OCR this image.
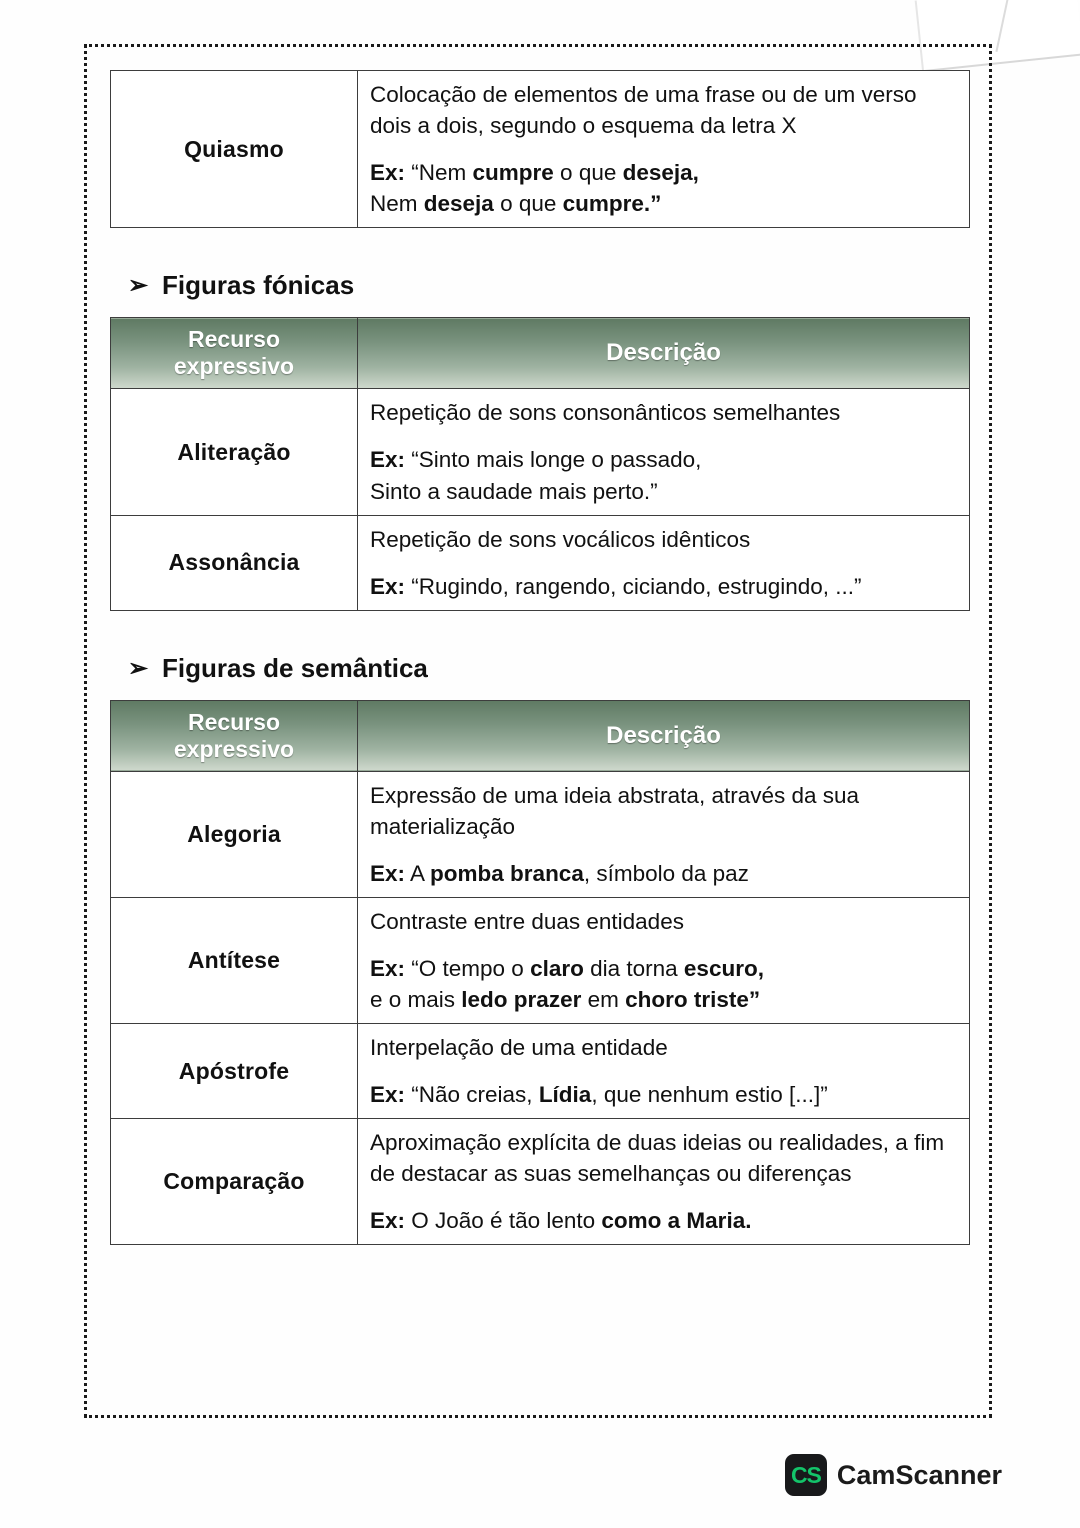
Quiasmo	Colocação de elementos de uma frase ou de um verso
dois a dois, segundo o esquema da letra X
Ex: “Nem cumpre o que deseja,
Nem deseja o que cumpre.”
➢ Figuras fónicas
Recurso
expressivo	Descrição
Aliteração	Repetição de sons consonânticos semelhantes
Ex: “Sinto mais longe o passado,
Sinto a saudade mais perto.”

Assonância	Repetição de sons vocálicos idênticos
Ex: “Rugindo, rangendo, ciciando, estrugindo, ...”
➢ Figuras de semântica
Recurso
expressivo	Descrição
Alegoria	Expressão de uma ideia abstrata, através da sua materialização
Ex: A pomba branca, símbolo da paz

Antítese	Contraste entre duas entidades
Ex: “O tempo o claro dia torna escuro,
e o mais ledo prazer em choro triste”

Apóstrofe	Interpelação de uma entidade
Ex: “Não creias, Lídia, que nenhum estio [...]”

Comparação	Aproximação explícita de duas ideias ou realidades, a fim de destacar as suas semelhanças ou diferenças
Ex: O João é tão lento como a Maria.
CS CamScanner
